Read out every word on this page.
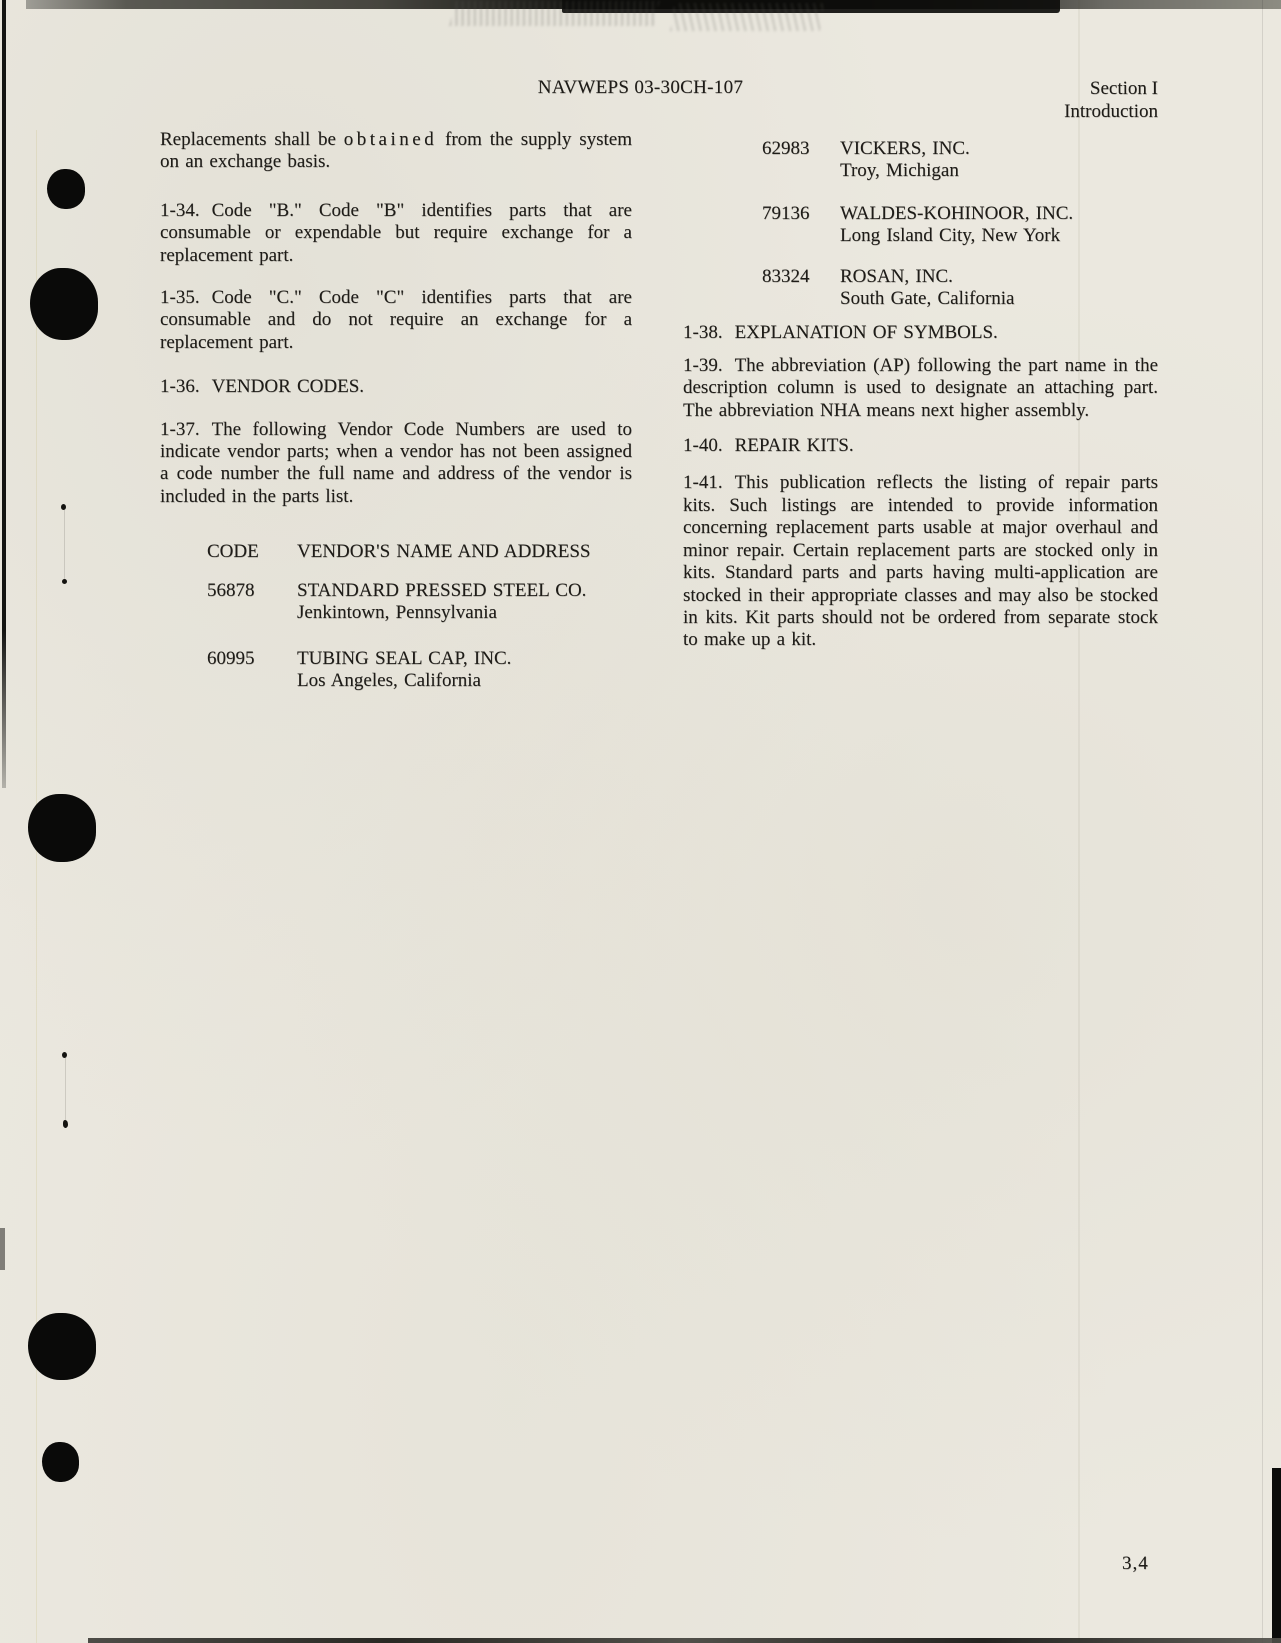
NAVWEPS 03-30CH-107	Section I
Introduction

Replacements shall be obtained from the supply system on an exchange basis.

1-34. Code "B." Code "B" identifies parts that are consumable or expendable but require exchange for a replacement part.

1-35. Code "C." Code "C" identifies parts that are consumable and do not require an exchange for a replacement part.

1-36. VENDOR CODES.

1-37. The following Vendor Code Numbers are used to indicate vendor parts; when a vendor has not been assigned a code number the full name and address of the vendor is included in the parts list.

CODE	VENDOR'S NAME AND ADDRESS
56878	STANDARD PRESSED STEEL CO.
Jenkintown, Pennsylvania
60995	TUBING SEAL CAP, INC.
Los Angeles, California
62983	VICKERS, INC.
Troy, Michigan
79136	WALDES-KOHINOOR, INC.
Long Island City, New York
83324	ROSAN, INC.
South Gate, California

1-38. EXPLANATION OF SYMBOLS.

1-39. The abbreviation (AP) following the part name in the description column is used to designate an attaching part. The abbreviation NHA means next higher assembly.

1-40. REPAIR KITS.

1-41. This publication reflects the listing of repair parts kits. Such listings are intended to provide information concerning replacement parts usable at major overhaul and minor repair. Certain replacement parts are stocked only in kits. Standard parts and parts having multi-application are stocked in their appropriate classes and may also be stocked in kits. Kit parts should not be ordered from separate stock to make up a kit.

3,4
